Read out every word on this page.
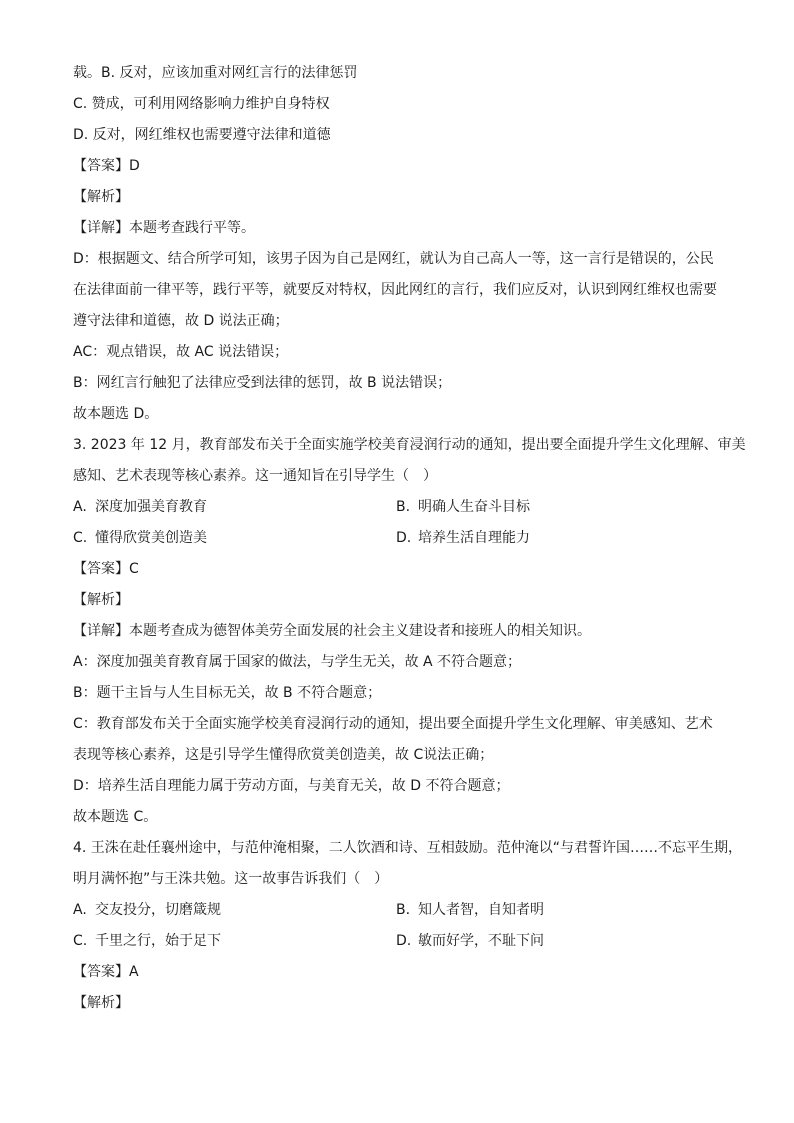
载。B. 反对，应该加重对网红言行的法律惩罚
C. 赞成，可利用网络影响力维护自身特权
D. 反对，网红维权也需要遵守法律和道德
【答案】D
【解析】
【详解】本题考查践行平等。
D：根据题文、结合所学可知，该男子因为自己是网红，就认为自己高人一等，这一言行是错误的，公民
在法律面前一律平等，践行平等，就要反对特权，因此网红的言行，我们应反对，认识到网红维权也需要
遵守法律和道德，故 D 说法正确；
AC：观点错误，故 AC 说法错误；
B：网红言行触犯了法律应受到法律的惩罚，故 B 说法错误；
故本题选 D。
3. 2023 年 12 月，教育部发布关于全面实施学校美育浸润行动的通知，提出要全面提升学生文化理解、审美
感知、艺术表现等核心素养。这一通知旨在引导学生（　）
A. 深度加强美育教育	B. 明确人生奋斗目标
C. 懂得欣赏美创造美	D. 培养生活自理能力
【答案】C
【解析】
【详解】本题考查成为德智体美劳全面发展的社会主义建设者和接班人的相关知识。
A：深度加强美育教育属于国家的做法，与学生无关，故 A 不符合题意；
B：题干主旨与人生目标无关，故 B 不符合题意；
C：教育部发布关于全面实施学校美育浸润行动的通知，提出要全面提升学生文化理解、审美感知、艺术
表现等核心素养，这是引导学生懂得欣赏美创造美，故 C说法正确；
D：培养生活自理能力属于劳动方面，与美育无关，故 D 不符合题意；
故本题选 C。
4. 王洙在赴任襄州途中，与范仲淹相聚，二人饮酒和诗、互相鼓励。范仲淹以“与君誓许国……不忘平生期，
明月满怀抱”与王洙共勉。这一故事告诉我们（　）
A. 交友投分，切磨箴规	B. 知人者智，自知者明
C. 千里之行，始于足下	D. 敏而好学，不耻下问
【答案】A
【解析】
